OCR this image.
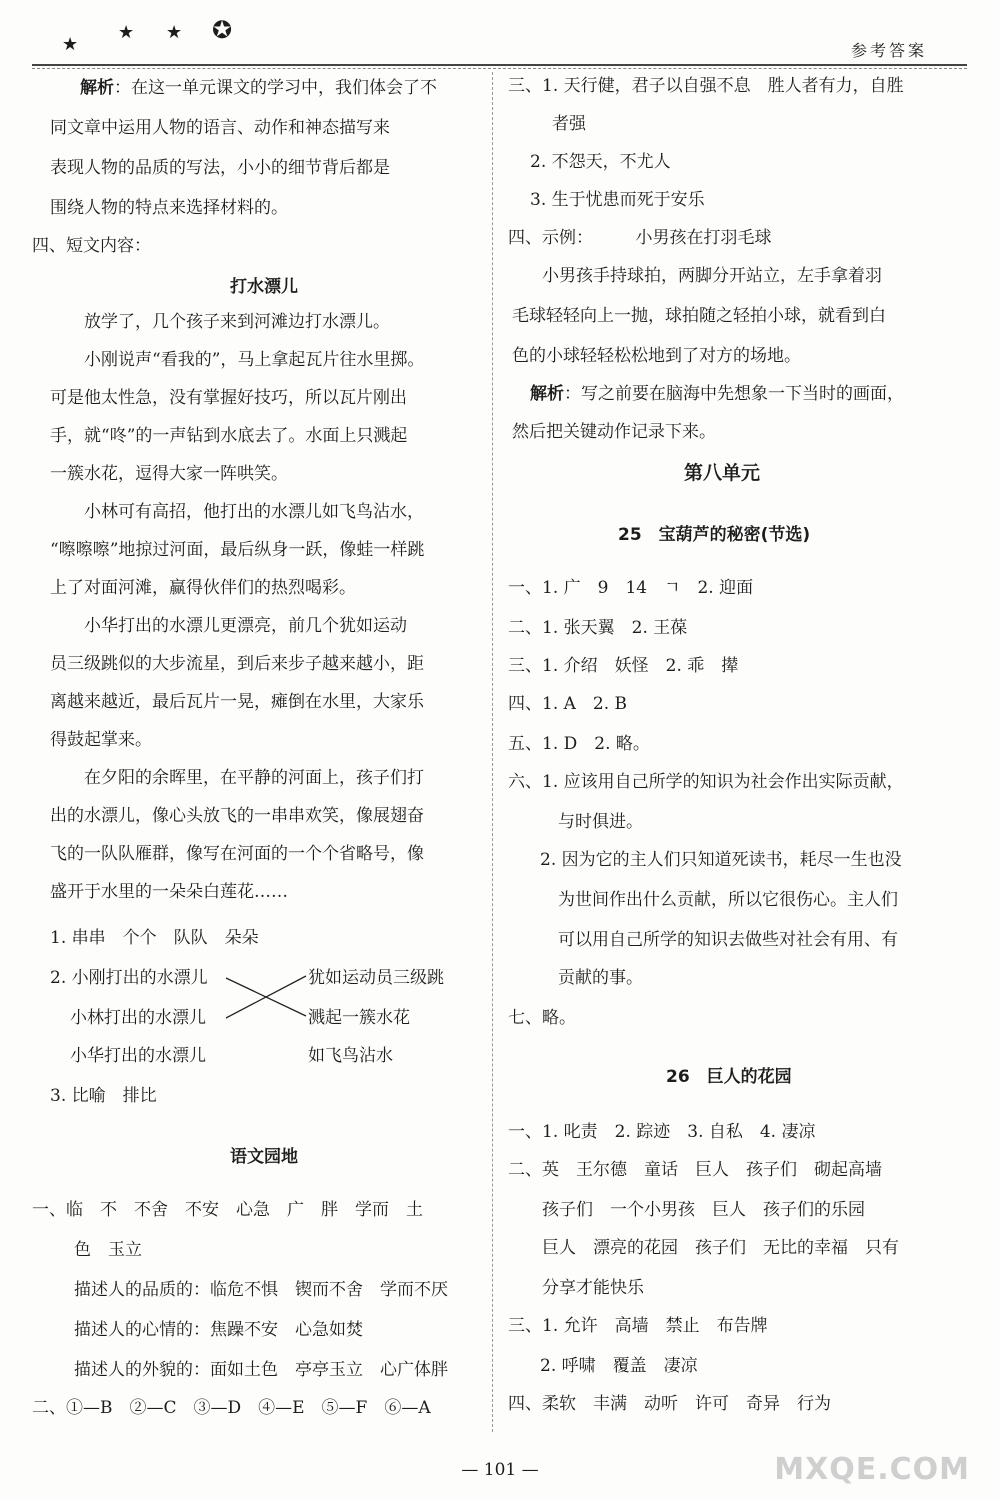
★
★ ★ ✪
参考答案
解析：在这一单元课文的学习中，我们体会了不
同文章中运用人物的语言、动作和神态描写来
表现人物的品质的写法，小小的细节背后都是
围绕人物的特点来选择材料的。
四、短文内容：
打水漂儿
放学了，几个孩子来到河滩边打水漂儿。
小刚说声“看我的”，马上拿起瓦片往水里掷。
可是他太性急，没有掌握好技巧，所以瓦片刚出
手，就“咚”的一声钻到水底去了。水面上只溅起
一簇水花，逗得大家一阵哄笑。
小林可有高招，他打出的水漂儿如飞鸟沾水，
“嚓嚓嚓”地掠过河面，最后纵身一跃，像蛙一样跳
上了对面河滩，赢得伙伴们的热烈喝彩。
小华打出的水漂儿更漂亮，前几个犹如运动
员三级跳似的大步流星，到后来步子越来越小，距
离越来越近，最后瓦片一晃，瘫倒在水里，大家乐
得鼓起掌来。
在夕阳的余晖里，在平静的河面上，孩子们打
出的水漂儿，像心头放飞的一串串欢笑，像展翅奋
飞的一队队雁群，像写在河面的一个个省略号，像
盛开于水里的一朵朵白莲花……
1. 串串　个个　队队　朵朵
2. 小刚打出的水漂儿
小林打出的水漂儿
小华打出的水漂儿
犹如运动员三级跳
溅起一簇水花
如飞鸟沾水
3. 比喻　排比
语文园地
一、临　不　不舍　不安　心急　广　胖　学而　土
色　玉立
描述人的品质的：临危不惧　锲而不舍　学而不厌
描述人的心情的：焦躁不安　心急如焚
描述人的外貌的：面如土色　亭亭玉立　心广体胖
二、①—B　②—C　③—D　④—E　⑤—F　⑥—A
三、1. 天行健，君子以自强不息　胜人者有力，自胜
者强
2. 不怨天，不尤人
3. 生于忧患而死于安乐
四、示例：　　　小男孩在打羽毛球
小男孩手持球拍，两脚分开站立，左手拿着羽
毛球轻轻向上一抛，球拍随之轻拍小球，就看到白
色的小球轻轻松松地到了对方的场地。
解析：写之前要在脑海中先想象一下当时的画面，
然后把关键动作记录下来。
第八单元
25　宝葫芦的秘密(节选)
一、1. 广　9　14　ㄱ　2. 迎面
二、1. 张天翼　2. 王葆
三、1. 介绍　妖怪　2. 乖　撵
四、1. A　2. B
五、1. D　2. 略。
六、1. 应该用自己所学的知识为社会作出实际贡献，
与时俱进。
2. 因为它的主人们只知道死读书，耗尽一生也没
为世间作出什么贡献，所以它很伤心。主人们
可以用自己所学的知识去做些对社会有用、有
贡献的事。
七、略。
26　巨人的花园
一、1. 叱责　2. 踪迹　3. 自私　4. 凄凉
二、英　王尔德　童话　巨人　孩子们　砌起高墙
孩子们　一个小男孩　巨人　孩子们的乐园
巨人　漂亮的花园　孩子们　无比的幸福　只有
分享才能快乐
三、1. 允许　高墙　禁止　布告牌
2. 呼啸　覆盖　凄凉
四、柔软　丰满　动听　许可　奇异　行为
— 101 —	MXQE.COM
